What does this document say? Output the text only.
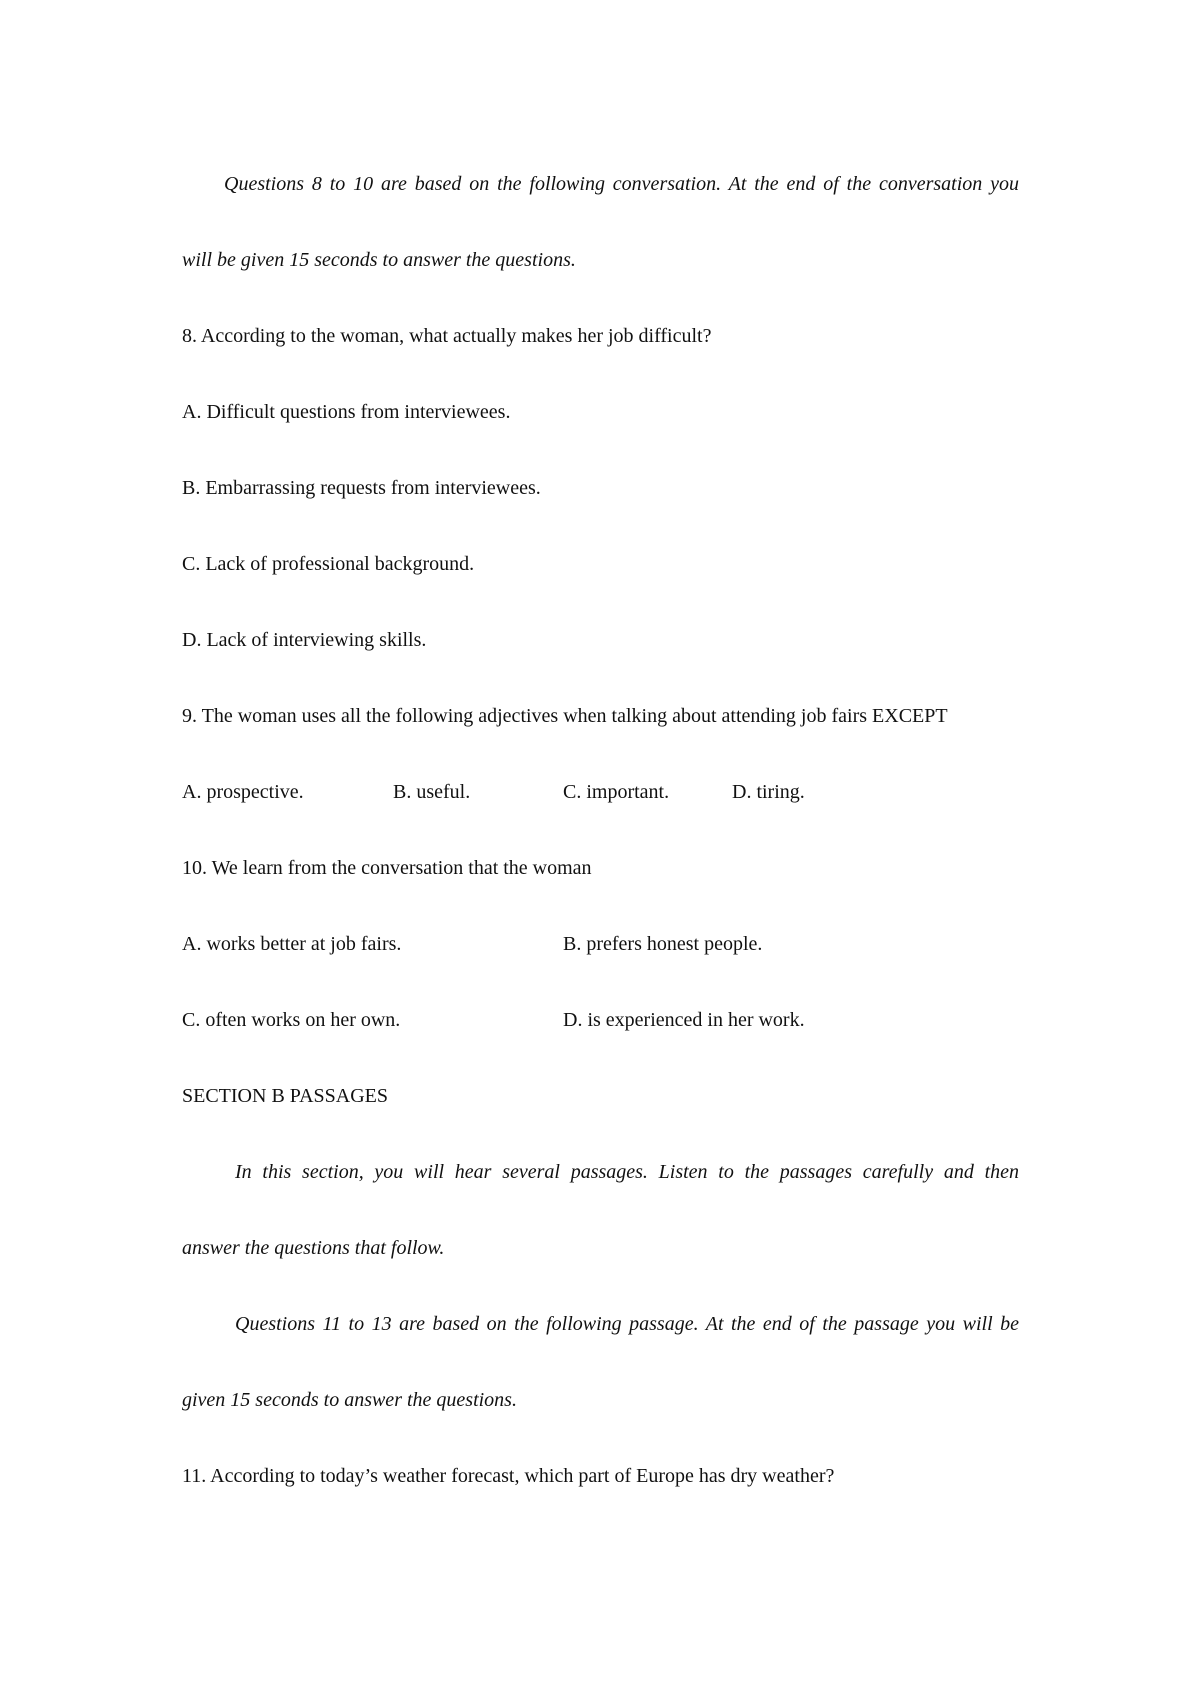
Questions 8 to 10 are based on the following conversation. At the end of the conversation you
will be given 15 seconds to answer the questions.
8. According to the woman, what actually makes her job difficult?
A. Difficult questions from interviewees.
B. Embarrassing requests from interviewees.
C. Lack of professional background.
D. Lack of interviewing skills.
9. The woman uses all the following adjectives when talking about attending job fairs EXCEPT
A. prospective.	B. useful.	C. important.	D. tiring.
10. We learn from the conversation that the woman
A. works better at job fairs.	B. prefers honest people.
C. often works on her own.	D. is experienced in her work.
SECTION B PASSAGES
In this section, you will hear several passages. Listen to the passages carefully and then
answer the questions that follow.
Questions 11 to 13 are based on the following passage. At the end of the passage you will be
given 15 seconds to answer the questions.
11. According to today’s weather forecast, which part of Europe has dry weather?
